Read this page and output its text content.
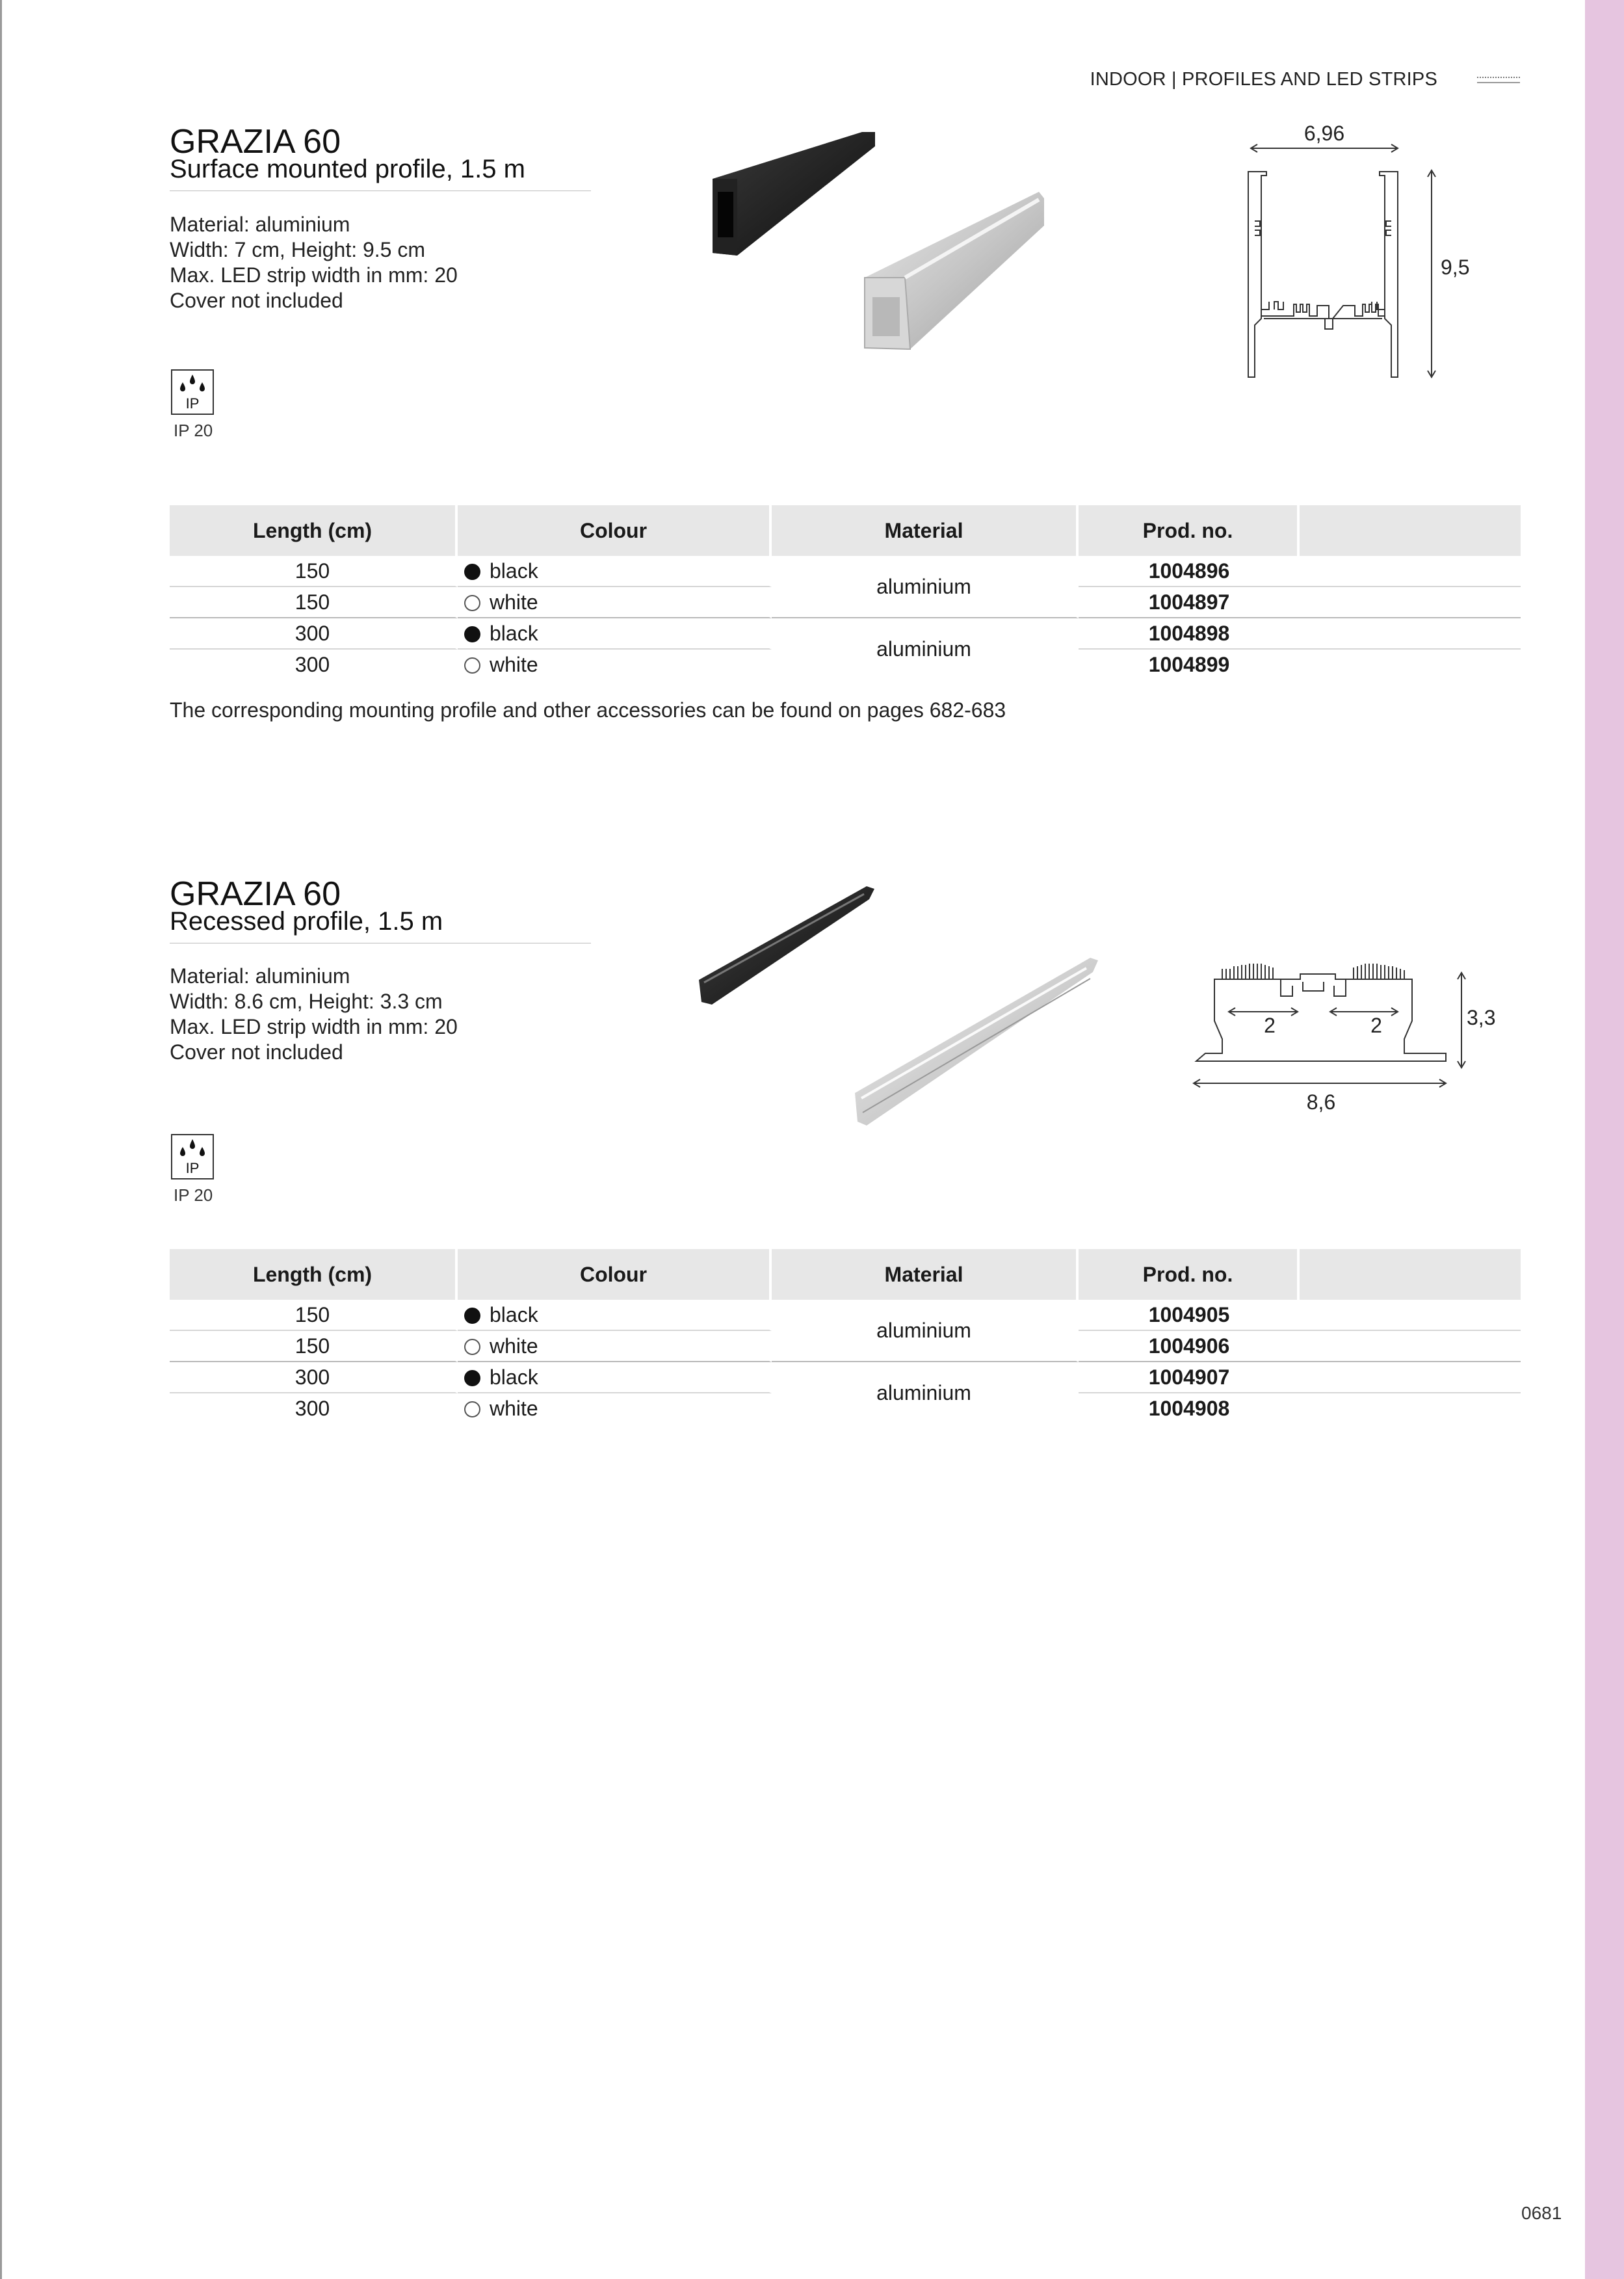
INDOOR | PROFILES AND LED STRIPS
GRAZIA 60
Surface mounted profile, 1.5 m
Material: aluminium
Width: 7 cm, Height: 9.5 cm
Max. LED strip width in mm: 20
Cover not included
IP
IP 20
6,96
9,5
Length (cm)	Colour	Material	Prod. no.	
150	black	aluminium	1004896	
150	white		1004897	
300	black	aluminium	1004898	
300	white		1004899	
The corresponding mounting profile and other accessories can be found on pages 682-683
GRAZIA 60
Recessed profile, 1.5 m
Material: aluminium
Width: 8.6 cm, Height: 3.3 cm
Max. LED strip width in mm: 20
Cover not included
IP
IP 20
2	2
8,6
3,3
Length (cm)	Colour	Material	Prod. no.	
150	black	aluminium	1004905	
150	white		1004906	
300	black	aluminium	1004907	
300	white		1004908	
0681
